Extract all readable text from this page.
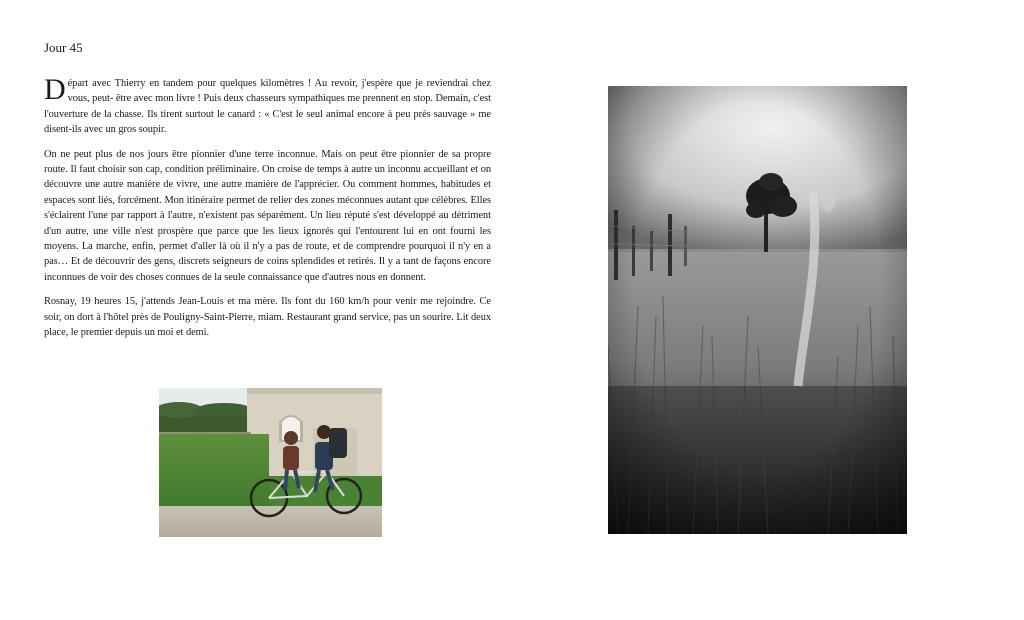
Jour 45

Départ avec Thierry en tandem pour quelques kilomètres ! Au revoir, j'espère que je reviendrai chez vous, peut- être avec mon livre ! Puis deux chasseurs sympathiques me prennent en stop. Demain, c'est l'ouverture de la chasse. Ils tirent surtout le canard : « C'est le seul animal encore à peu près sauvage » me disent-ils avec un gros soupir.

On ne peut plus de nos jours être pionnier d'une terre inconnue. Mais on peut être pionnier de sa propre route. Il faut choisir son cap, condition préliminaire. On croise de temps à autre un inconnu accueillant et on découvre une autre manière de vivre, une autre manière de l'apprécier. Ou comment hommes, habitudes et espaces sont liés, forcément. Mon itinéraire permet de relier des zones méconnues autant que célèbres. Elles s'éclairent l'une par rapport à l'autre, n'existent pas séparément. Un lieu réputé s'est développé au détriment d'un autre, une ville n'est prospère que parce que les lieux ignorés qui l'entourent lui en ont fourni les moyens. La marche, enfin, permet d'aller là où il n'y a pas de route, et de comprendre pourquoi il n'y en a pas… Et de découvrir des gens, discrets seigneurs de coins splendides et retirés. Il y a tant de façons encore inconnues de voir des choses connues de la seule connaissance que d'autres nous en donnent.

Rosnay, 19 heures 15, j'attends Jean-Louis et ma mère. Ils font du 160 km/h pour venir me rejoindre. Ce soir, on dort à l'hôtel près de Pouligny-Saint-Pierre, miam. Restaurant grand service, pas un sourire. Lit deux place, le premier depuis un moi et demi.
